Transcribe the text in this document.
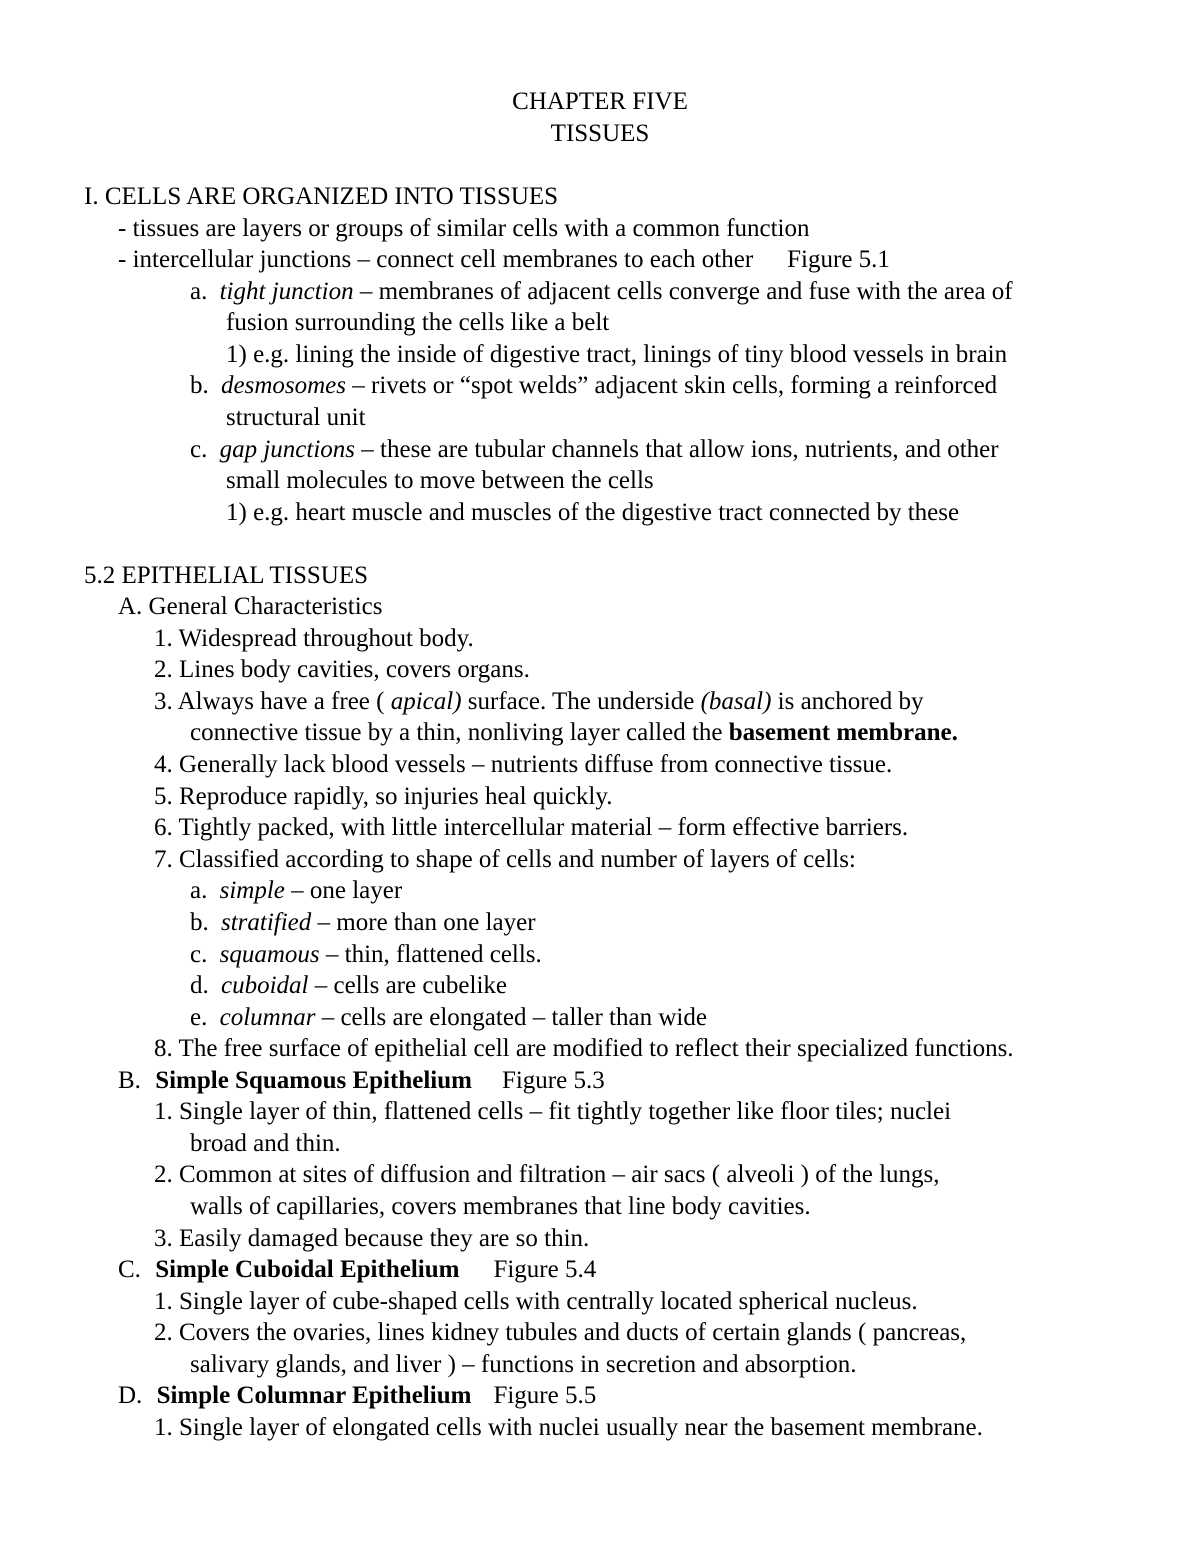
CHAPTER FIVE
TISSUES
I. CELLS ARE ORGANIZED INTO TISSUES
- tissues are layers or groups of similar cells with a common function
- intercellular junctions – connect cell membranes to each other Figure 5.1
a. tight junction – membranes of adjacent cells converge and fuse with the area of
fusion surrounding the cells like a belt
1) e.g. lining the inside of digestive tract, linings of tiny blood vessels in brain
b. desmosomes – rivets or “spot welds” adjacent skin cells, forming a reinforced
structural unit
c. gap junctions – these are tubular channels that allow ions, nutrients, and other
small molecules to move between the cells
1) e.g. heart muscle and muscles of the digestive tract connected by these
5.2 EPITHELIAL TISSUES
A. General Characteristics
1. Widespread throughout body.
2. Lines body cavities, covers organs.
3. Always have a free ( apical) surface. The underside (basal) is anchored by
connective tissue by a thin, nonliving layer called the basement membrane.
4. Generally lack blood vessels – nutrients diffuse from connective tissue.
5. Reproduce rapidly, so injuries heal quickly.
6. Tightly packed, with little intercellular material – form effective barriers.
7. Classified according to shape of cells and number of layers of cells:
a. simple – one layer
b. stratified – more than one layer
c. squamous – thin, flattened cells.
d. cuboidal – cells are cubelike
e. columnar – cells are elongated – taller than wide
8. The free surface of epithelial cell are modified to reflect their specialized functions.
B. Simple Squamous Epithelium Figure 5.3
1. Single layer of thin, flattened cells – fit tightly together like floor tiles; nuclei
broad and thin.
2. Common at sites of diffusion and filtration – air sacs ( alveoli ) of the lungs,
walls of capillaries, covers membranes that line body cavities.
3. Easily damaged because they are so thin.
C. Simple Cuboidal Epithelium Figure 5.4
1. Single layer of cube-shaped cells with centrally located spherical nucleus.
2. Covers the ovaries, lines kidney tubules and ducts of certain glands ( pancreas,
salivary glands, and liver ) – functions in secretion and absorption.
D. Simple Columnar Epithelium Figure 5.5
1. Single layer of elongated cells with nuclei usually near the basement membrane.
